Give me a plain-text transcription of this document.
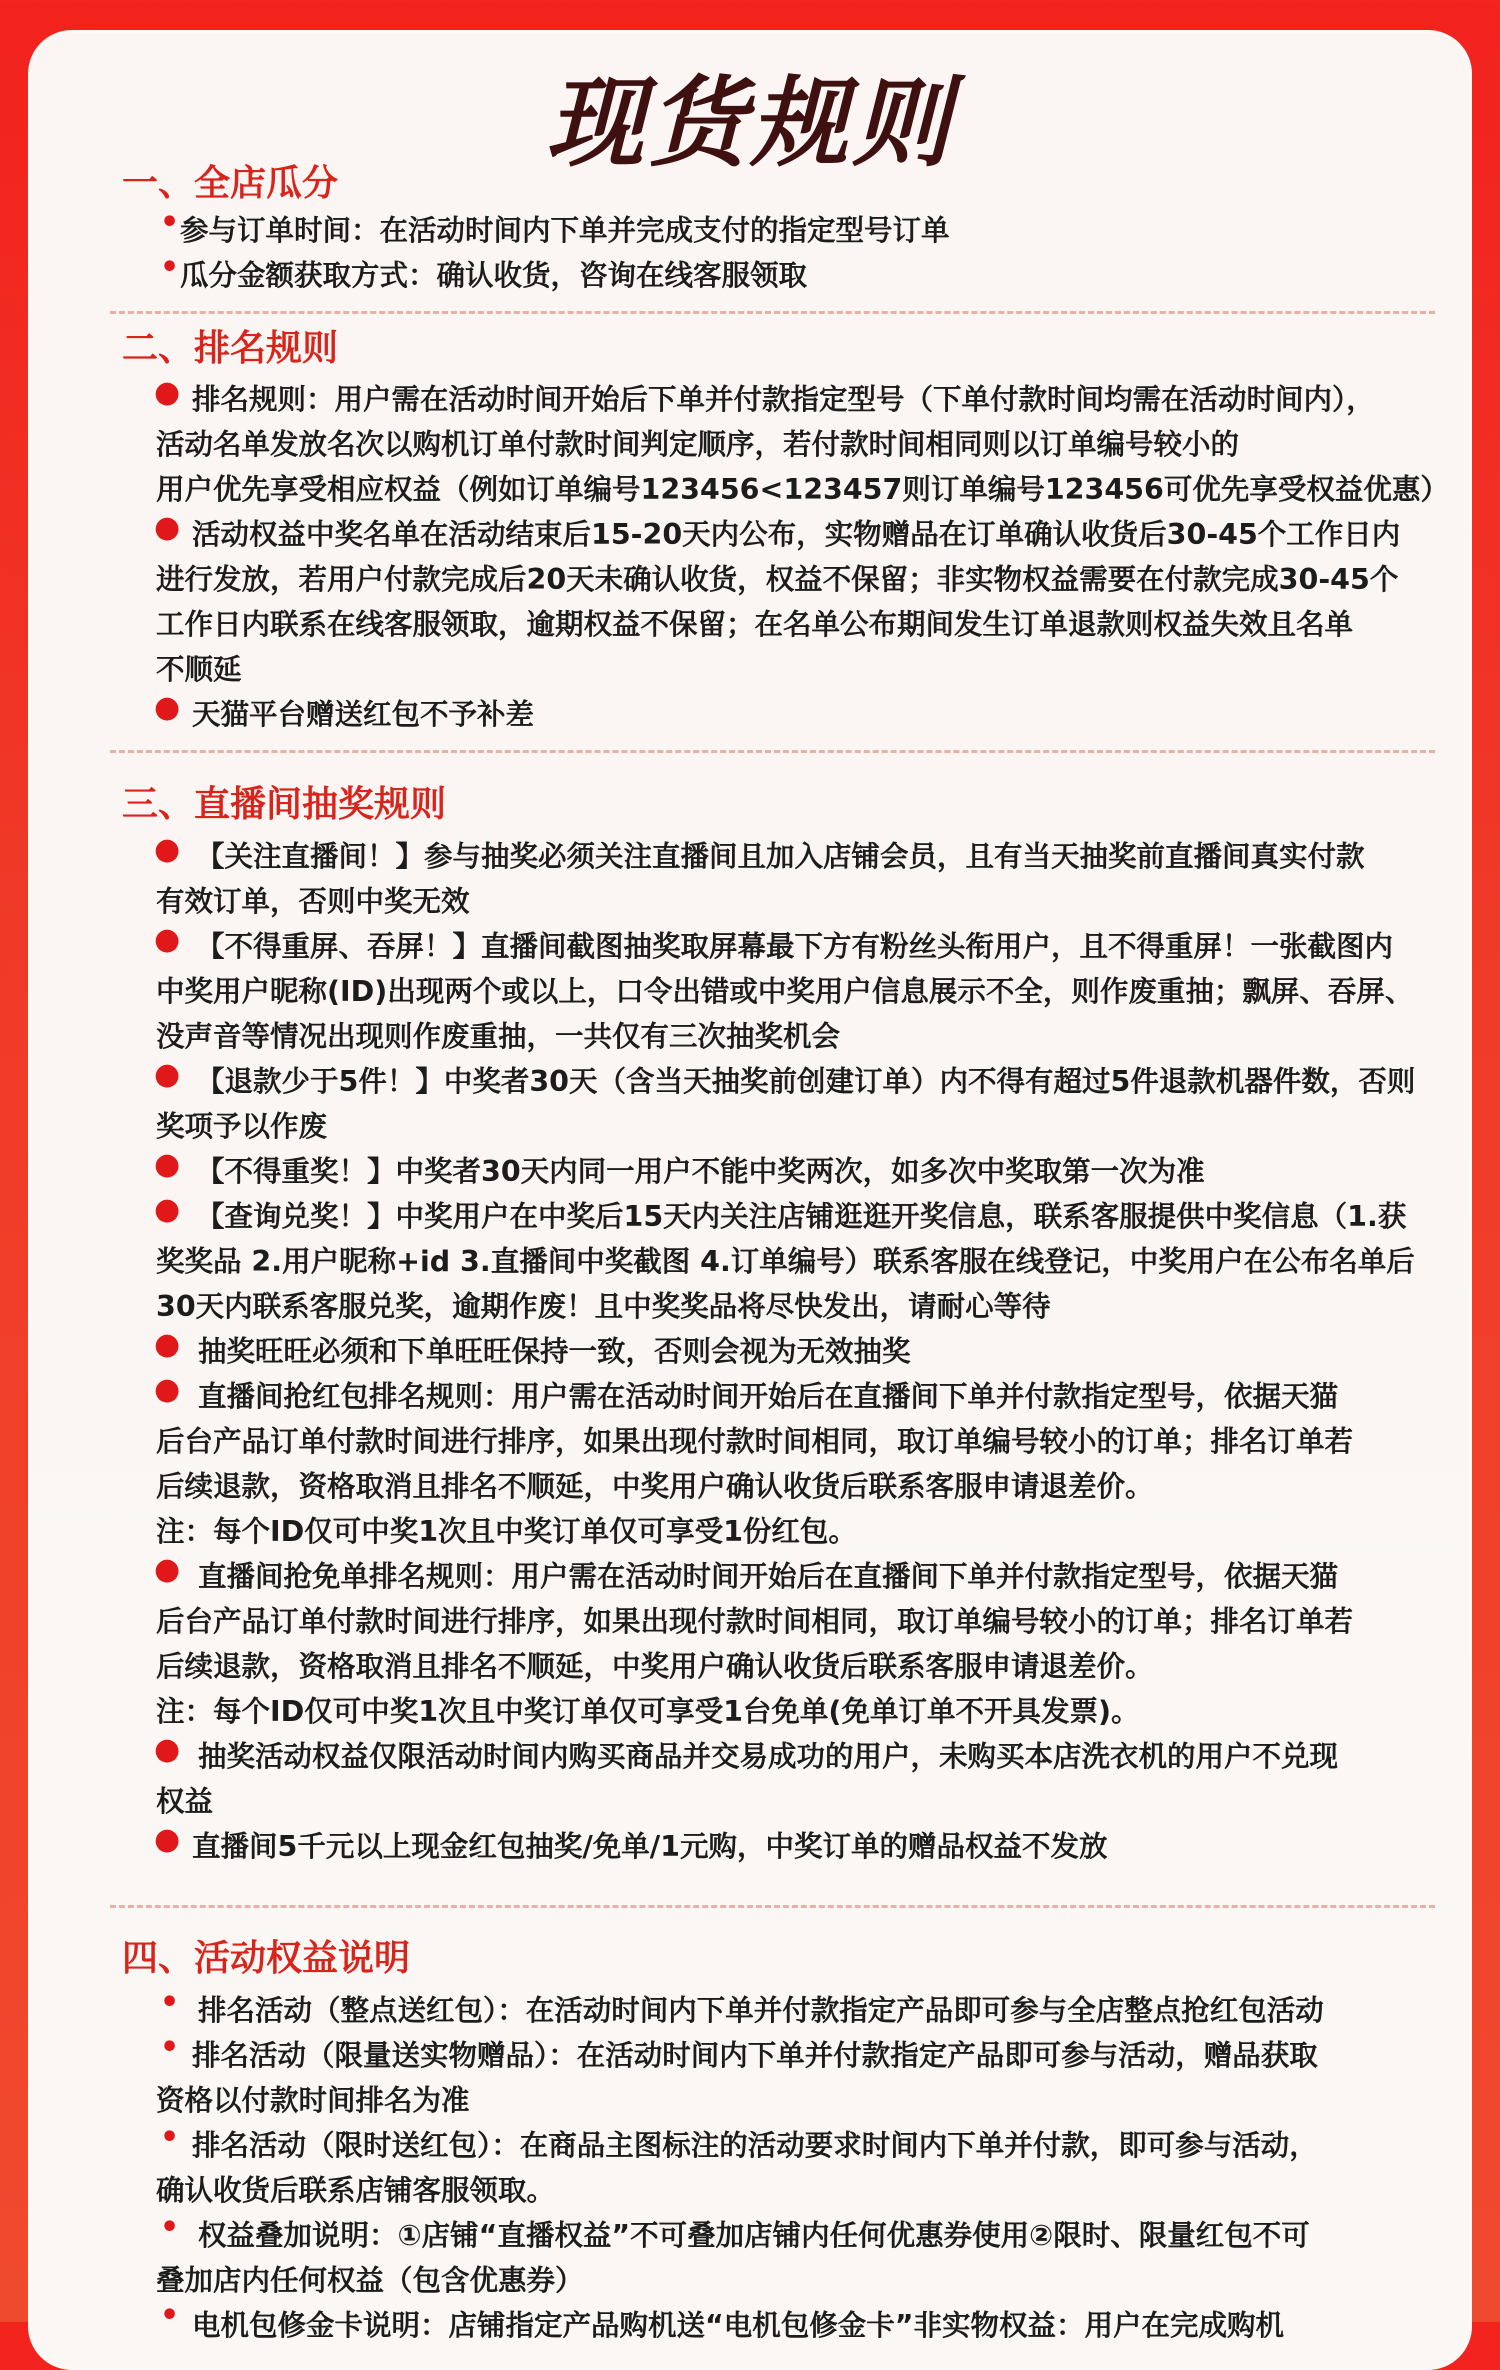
现货规则
一、全店瓜分
• 参与订单时间：在活动时间内下单并完成支付的指定型号订单
• 瓜分金额获取方式：确认收货，咨询在线客服领取
二、排名规则
● 排名规则：用户需在活动时间开始后下单并付款指定型号（下单付款时间均需在活动时间内），
活动名单发放名次以购机订单付款时间判定顺序，若付款时间相同则以订单编号较小的
用户优先享受相应权益（例如订单编号123456<123457则订单编号123456可优先享受权益优惠）
● 活动权益中奖名单在活动结束后15-20天内公布，实物赠品在订单确认收货后30-45个工作日内
进行发放，若用户付款完成后20天未确认收货，权益不保留；非实物权益需要在付款完成30-45个
工作日内联系在线客服领取，逾期权益不保留；在名单公布期间发生订单退款则权益失效且名单
不顺延
● 天猫平台赠送红包不予补差
三、直播间抽奖规则
● 【关注直播间！】参与抽奖必须关注直播间且加入店铺会员，且有当天抽奖前直播间真实付款
有效订单，否则中奖无效
● 【不得重屏、吞屏！】直播间截图抽奖取屏幕最下方有粉丝头衔用户，且不得重屏！一张截图内
中奖用户昵称(ID)出现两个或以上，口令出错或中奖用户信息展示不全，则作废重抽；飘屏、吞屏、
没声音等情况出现则作废重抽，一共仅有三次抽奖机会
● 【退款少于5件！】中奖者30天（含当天抽奖前创建订单）内不得有超过5件退款机器件数，否则
奖项予以作废
● 【不得重奖！】中奖者30天内同一用户不能中奖两次，如多次中奖取第一次为准
● 【查询兑奖！】中奖用户在中奖后15天内关注店铺逛逛开奖信息，联系客服提供中奖信息（1.获
奖奖品 2.用户昵称+id 3.直播间中奖截图 4.订单编号）联系客服在线登记，中奖用户在公布名单后
30天内联系客服兑奖，逾期作废！且中奖奖品将尽快发出，请耐心等待
● 抽奖旺旺必须和下单旺旺保持一致，否则会视为无效抽奖
● 直播间抢红包排名规则：用户需在活动时间开始后在直播间下单并付款指定型号，依据天猫
后台产品订单付款时间进行排序，如果出现付款时间相同，取订单编号较小的订单；排名订单若
后续退款，资格取消且排名不顺延，中奖用户确认收货后联系客服申请退差价。
注：每个ID仅可中奖1次且中奖订单仅可享受1份红包。
● 直播间抢免单排名规则：用户需在活动时间开始后在直播间下单并付款指定型号，依据天猫
后台产品订单付款时间进行排序，如果出现付款时间相同，取订单编号较小的订单；排名订单若
后续退款，资格取消且排名不顺延，中奖用户确认收货后联系客服申请退差价。
注：每个ID仅可中奖1次且中奖订单仅可享受1台免单(免单订单不开具发票)。
● 抽奖活动权益仅限活动时间内购买商品并交易成功的用户，未购买本店洗衣机的用户不兑现
权益
● 直播间5千元以上现金红包抽奖/免单/1元购，中奖订单的赠品权益不发放
四、活动权益说明
• 排名活动（整点送红包）：在活动时间内下单并付款指定产品即可参与全店整点抢红包活动
• 排名活动（限量送实物赠品）：在活动时间内下单并付款指定产品即可参与活动，赠品获取
资格以付款时间排名为准
• 排名活动（限时送红包）：在商品主图标注的活动要求时间内下单并付款，即可参与活动，
确认收货后联系店铺客服领取。
• 权益叠加说明：①店铺“直播权益”不可叠加店铺内任何优惠券使用②限时、限量红包不可
叠加店内任何权益（包含优惠券）
• 电机包修金卡说明：店铺指定产品购机送“电机包修金卡”非实物权益：用户在完成购机
